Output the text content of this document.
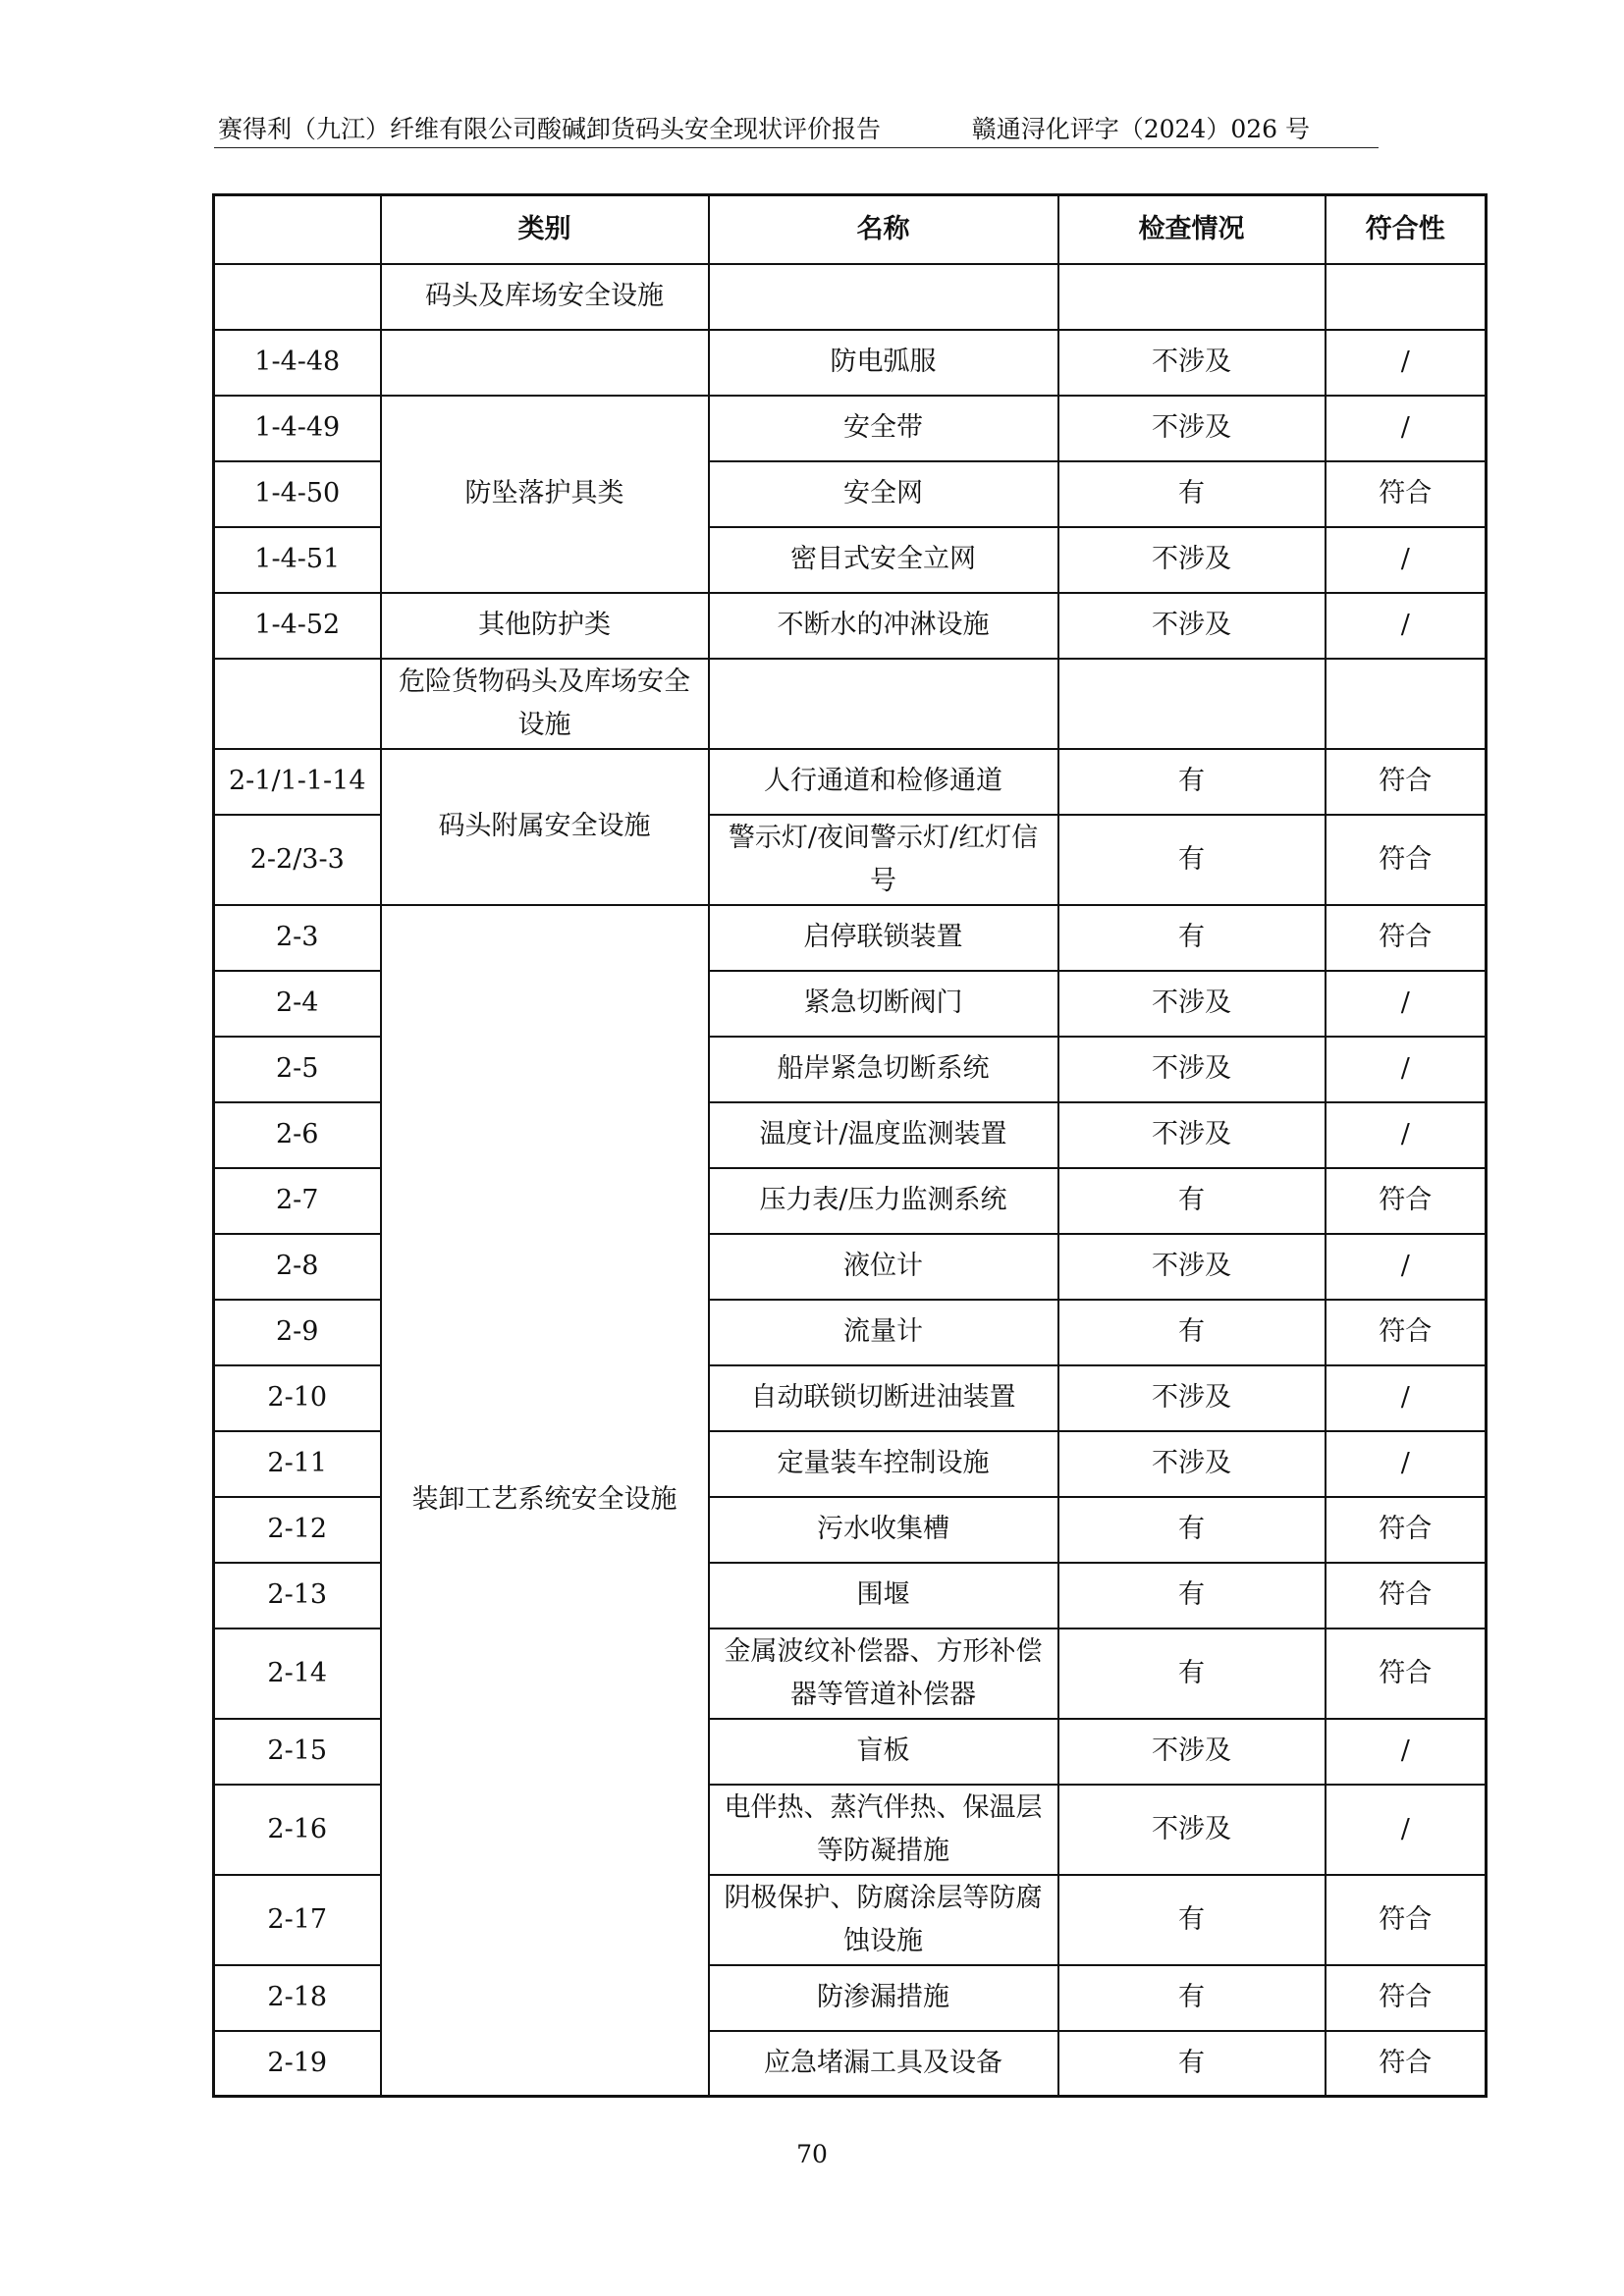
赛得利（九江）纤维有限公司酸碱卸货码头安全现状评价报告	赣通浔化评字（2024）026 号
	类别	名称	检查情况	符合性
	码头及库场安全设施			
1-4-48		防电弧服	不涉及	/
1-4-49	防坠落护具类	安全带	不涉及	/
1-4-50		安全网	有	符合
1-4-51		密目式安全立网	不涉及	/
1-4-52	其他防护类	不断水的冲淋设施	不涉及	/
	危险货物码头及库场安全设施			
2-1/1-1-14	码头附属安全设施	人行通道和检修通道	有	符合
2-2/3-3		警示灯/夜间警示灯/红灯信号	有	符合
2-3	装卸工艺系统安全设施	启停联锁装置	有	符合
2-4		紧急切断阀门	不涉及	/
2-5		船岸紧急切断系统	不涉及	/
2-6		温度计/温度监测装置	不涉及	/
2-7		压力表/压力监测系统	有	符合
2-8		液位计	不涉及	/
2-9		流量计	有	符合
2-10		自动联锁切断进油装置	不涉及	/
2-11		定量装车控制设施	不涉及	/
2-12		污水收集槽	有	符合
2-13		围堰	有	符合
2-14		金属波纹补偿器、方形补偿器等管道补偿器	有	符合
2-15		盲板	不涉及	/
2-16		电伴热、蒸汽伴热、保温层等防凝措施	不涉及	/
2-17		阴极保护、防腐涂层等防腐蚀设施	有	符合
2-18		防渗漏措施	有	符合
2-19		应急堵漏工具及设备	有	符合
70
